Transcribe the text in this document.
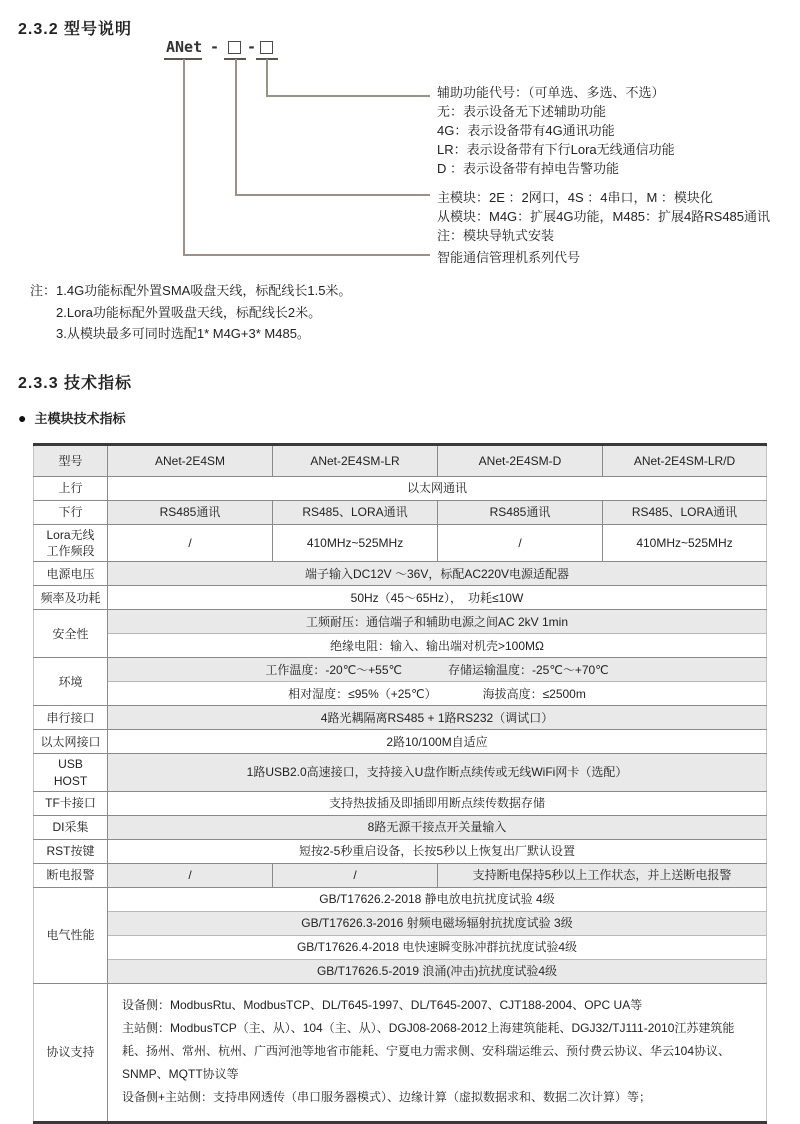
2.3.2 型号说明
ANet - -
辅助功能代号：（可单选、多选、不选）
无：表示设备无下述辅助功能
4G：表示设备带有4G通讯功能
LR：表示设备带有下行Lora无线通信功能
D ：表示设备带有掉电告警功能
主模块：2E ：2网口，4S ：4串口，M ：模块化
从模块：M4G：扩展4G功能，M485：扩展4路RS485通讯
注：模块导轨式安装
智能通信管理机系列代号
注：1.4G功能标配外置SMA吸盘天线，标配线长1.5米。
2.Lora功能标配外置吸盘天线，标配线长2米。
3.从模块最多可同时选配1* M4G+3* M485。
2.3.3 技术指标
● 主模块技术指标
型号	ANet-2E4SM	ANet-2E4SM-LR	ANet-2E4SM-D	ANet-2E4SM-LR/D
上行	以太网通讯			
下行	RS485通讯	RS485、LORA通讯	RS485通讯	RS485、LORA通讯

Lora无线
工作频段	/	410MHz~525MHz	/	410MHz~525MHz
电源电压	端子输入DC12V ～36V，标配AC220V电源适配器			
频率及功耗	50Hz（45～65Hz），　功耗≤10W			
安全性	工频耐压：通信端子和辅助电源之间AC 2kV 1min			
	绝缘电阻：输入、输出端对机壳>100MΩ			
环境	工作温度：-20℃～+55℃ 存储运输温度：-25℃～+70℃			
	相对湿度：≤95%（+25℃） 海拔高度：≤2500m			
串行接口	4路光耦隔离RS485 + 1路RS232（调试口）			
以太网接口	2路10/100M自适应			
USB HOST	1路USB2.0高速接口，支持接入U盘作断点续传或无线WiFi网卡（选配）			
TF卡接口	支持热拔插及即插即用断点续传数据存储			
DI采集	8路无源干接点开关量输入			
RST按键	短按2-5秒重启设备，长按5秒以上恢复出厂默认设置			
断电报警	/	/	支持断电保持5秒以上工作状态，并上送断电报警	
电气性能	GB/T17626.2-2018 静电放电抗扰度试验 4级			
	GB/T17626.3-2016 射频电磁场辐射抗扰度试验 3级			
	GB/T17626.4-2018 电快速瞬变脉冲群抗扰度试验4级			
	GB/T17626.5-2019 浪涌(冲击)抗扰度试验4级			
协议支持	设备侧：ModbusRtu、ModbusTCP、DL/T645-1997、DL/T645-2007、CJT188-2004、OPC UA等
主站侧：ModbusTCP（主、从）、104（主、从）、DGJ08-2068-2012上海建筑能耗、DGJ32/TJ111-2010江苏建筑能耗、扬州、常州、杭州、广西河池等地省市能耗、宁夏电力需求侧、安科瑞运维云、预付费云协议、华云104协议、SNMP、MQTT协议等
设备侧+主站侧：支持串网透传（串口服务器模式）、边缘计算（虚拟数据求和、数据二次计算）等；			
